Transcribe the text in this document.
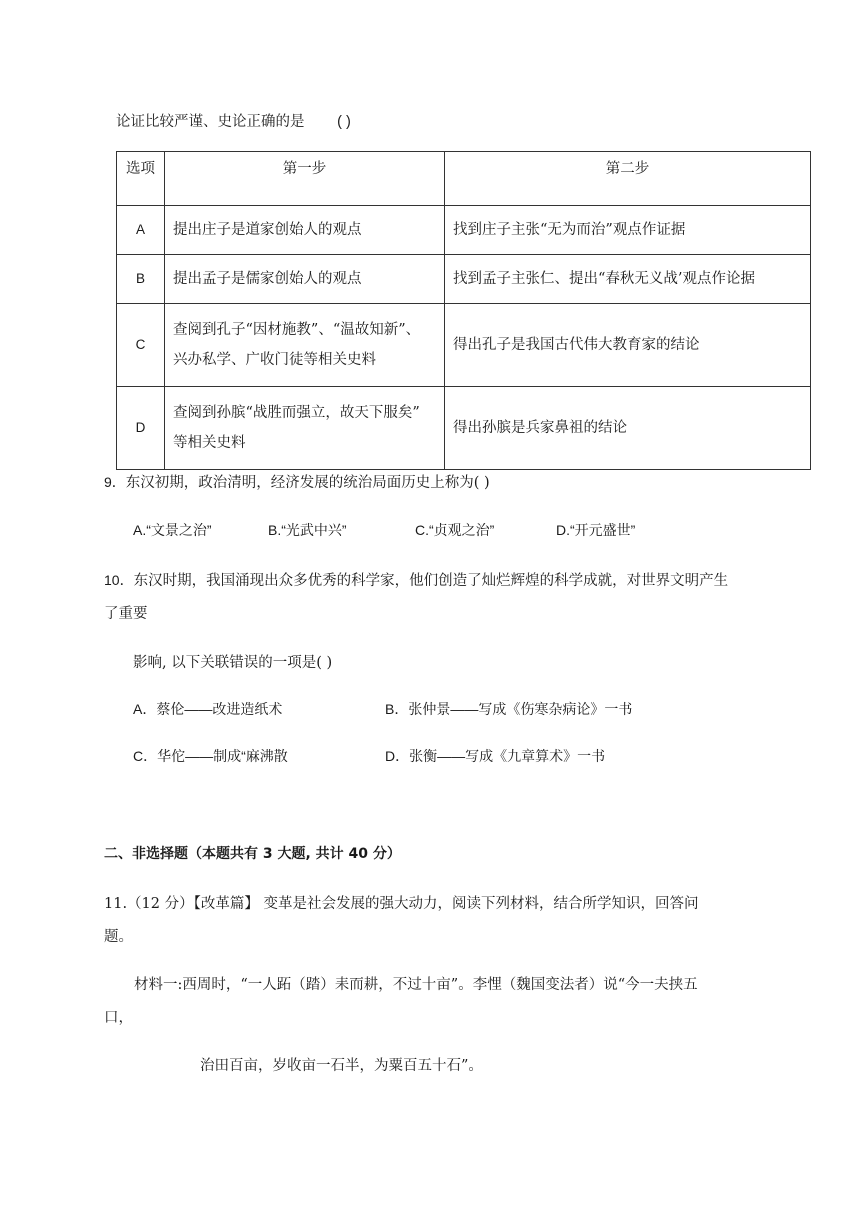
论证比较严谨、史论正确的是 ( )
选项	第一步	第二步
A	提出庄子是道家创始人的观点	找到庄子主张“无为而治”观点作证据
B	提出孟子是儒家创始人的观点	找到孟子主张仁、提出“春秋无义战’观点作论据
C	查阅到孔子“因材施教”、“温故知新”、
兴办私学、广收门徒等相关史料	得出孔子是我国古代伟大教育家的结论
D	查阅到孙膑“战胜而强立，故天下服矣”
等相关史料	得出孙膑是兵家鼻祖的结论
9．东汉初期，政治清明，经济发展的统治局面历史上称为( )
A.“文景之治”	B.“光武中兴”	C.“贞观之治”	D.“开元盛世”
10．东汉时期，我国涌现出众多优秀的科学家，他们创造了灿烂辉煌的科学成就，对世界文明产生
了重要
影响, 以下关联错误的一项是( )
A．蔡伦——改进造纸术	B．张仲景——写成《伤寒杂病论》一书
C．华佗——制成“麻沸散	D．张衡——写成《九章算术》一书
二、非选择题（本题共有 3 大题, 共计 40 分）
11.（12 分）【改革篇】 变革是社会发展的强大动力，阅读下列材料，结合所学知识，回答问
题。
材料一:西周时，“一人跖（踏）耒而耕，不过十亩”。李悝（魏国变法者）说“今一夫挟五
口，
治田百亩，岁收亩一石半，为粟百五十石”。
